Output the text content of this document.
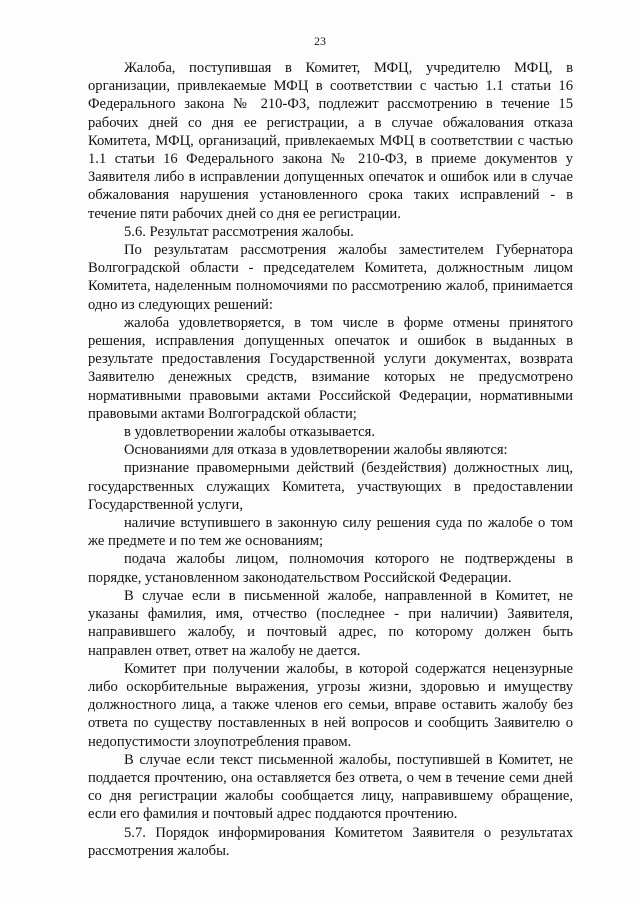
23

Жалоба, поступившая в Комитет, МФЦ, учредителю МФЦ, в организации, привлекаемые МФЦ в соответствии с частью 1.1 статьи 16 Федерального закона № 210-ФЗ, подлежит рассмотрению в течение 15 рабочих дней со дня ее регистрации, а в случае обжалования отказа Комитета, МФЦ, организаций, привлекаемых МФЦ в соответствии с частью 1.1 статьи 16 Федерального закона № 210-ФЗ, в приеме документов у Заявителя либо в исправлении допущенных опечаток и ошибок или в случае обжалования нарушения установленного срока таких исправлений - в течение пяти рабочих дней со дня ее регистрации.

5.6. Результат рассмотрения жалобы.

По результатам рассмотрения жалобы заместителем Губернатора Волгоградской области - председателем Комитета, должностным лицом Комитета, наделенным полномочиями по рассмотрению жалоб, принимается одно из следующих решений:

жалоба удовлетворяется, в том числе в форме отмены принятого решения, исправления допущенных опечаток и ошибок в выданных в результате предоставления Государственной услуги документах, возврата Заявителю денежных средств, взимание которых не предусмотрено нормативными правовыми актами Российской Федерации, нормативными правовыми актами Волгоградской области;

в удовлетворении жалобы отказывается.

Основаниями для отказа в удовлетворении жалобы являются:

признание правомерными действий (бездействия) должностных лиц, государственных служащих Комитета, участвующих в предоставлении Государственной услуги,

наличие вступившего в законную силу решения суда по жалобе о том же предмете и по тем же основаниям;

подача жалобы лицом, полномочия которого не подтверждены в порядке, установленном законодательством Российской Федерации.

В случае если в письменной жалобе, направленной в Комитет, не указаны фамилия, имя, отчество (последнее - при наличии) Заявителя, направившего жалобу, и почтовый адрес, по которому должен быть направлен ответ, ответ на жалобу не дается.

Комитет при получении жалобы, в которой содержатся нецензурные либо оскорбительные выражения, угрозы жизни, здоровью и имуществу должностного лица, а также членов его семьи, вправе оставить жалобу без ответа по существу поставленных в ней вопросов и сообщить Заявителю о недопустимости злоупотребления правом.

В случае если текст письменной жалобы, поступившей в Комитет, не поддается прочтению, она оставляется без ответа, о чем в течение семи дней со дня регистрации жалобы сообщается лицу, направившему обращение, если его фамилия и почтовый адрес поддаются прочтению.

5.7. Порядок информирования Комитетом Заявителя о результатах рассмотрения жалобы.
